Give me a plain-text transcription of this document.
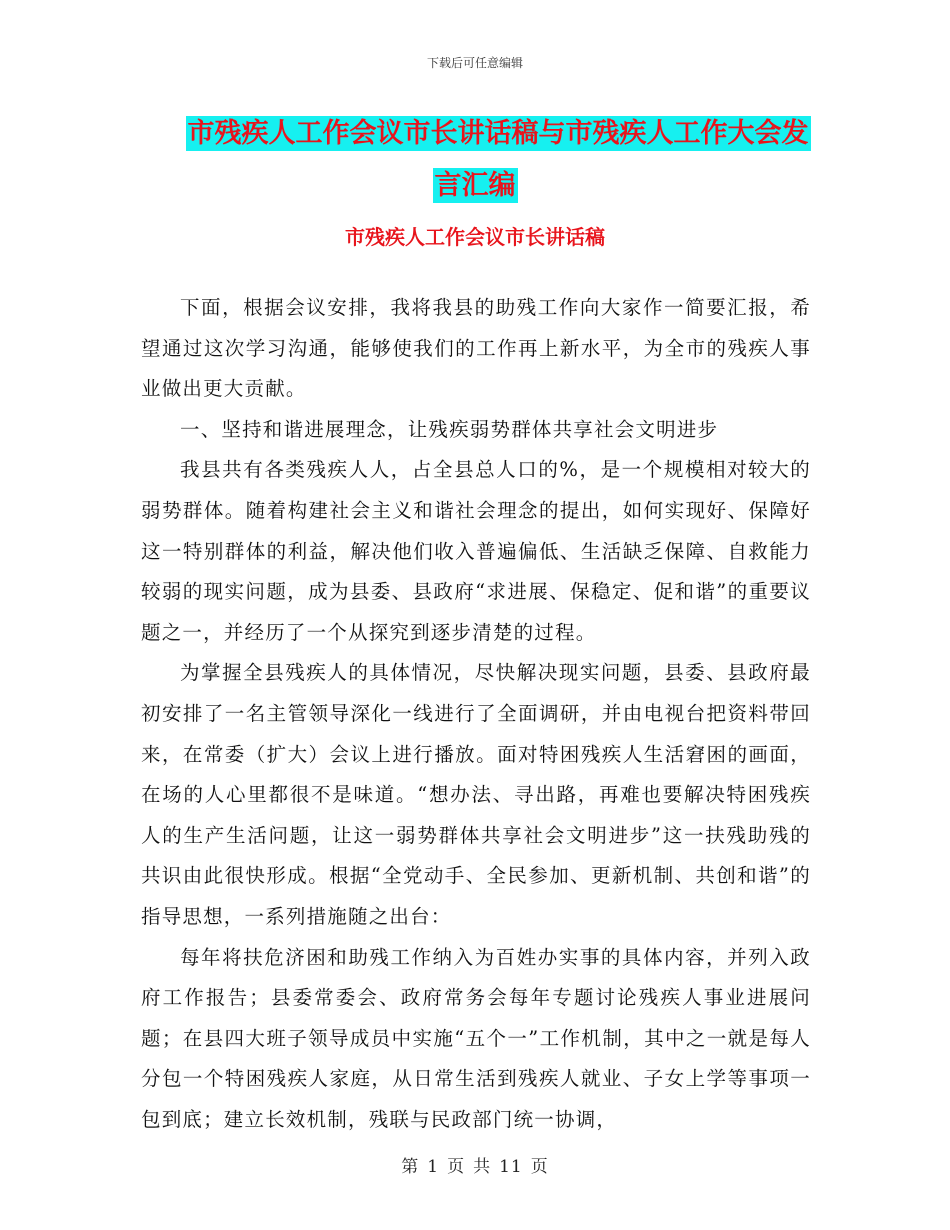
下载后可任意编辑
市残疾人工作会议市长讲话稿与市残疾人工作大会发
言汇编
市残疾人工作会议市长讲话稿

下面，根据会议安排，我将我县的助残工作向大家作一简要汇报，希望通过这次学习沟通，能够使我们的工作再上新水平，为全市的残疾人事业做出更大贡献。

一、坚持和谐进展理念，让残疾弱势群体共享社会文明进步

我县共有各类残疾人人，占全县总人口的%，是一个规模相对较大的弱势群体。随着构建社会主义和谐社会理念的提出，如何实现好、保障好这一特别群体的利益，解决他们收入普遍偏低、生活缺乏保障、自救能力较弱的现实问题，成为县委、县政府“求进展、保稳定、促和谐”的重要议题之一，并经历了一个从探究到逐步清楚的过程。

为掌握全县残疾人的具体情况，尽快解决现实问题，县委、县政府最初安排了一名主管领导深化一线进行了全面调研，并由电视台把资料带回来，在常委（扩大）会议上进行播放。面对特困残疾人生活窘困的画面，在场的人心里都很不是味道。“想办法、寻出路，再难也要解决特困残疾人的生产生活问题，让这一弱势群体共享社会文明进步”这一扶残助残的共识由此很快形成。根据“全党动手、全民参加、更新机制、共创和谐”的指导思想，一系列措施随之出台：

每年将扶危济困和助残工作纳入为百姓办实事的具体内容，并列入政府工作报告；县委常委会、政府常务会每年专题讨论残疾人事业进展问题；在县四大班子领导成员中实施“五个一”工作机制，其中之一就是每人分包一个特困残疾人家庭，从日常生活到残疾人就业、子女上学等事项一包到底；建立长效机制，残联与民政部门统一协调，

第 1 页 共 11 页
